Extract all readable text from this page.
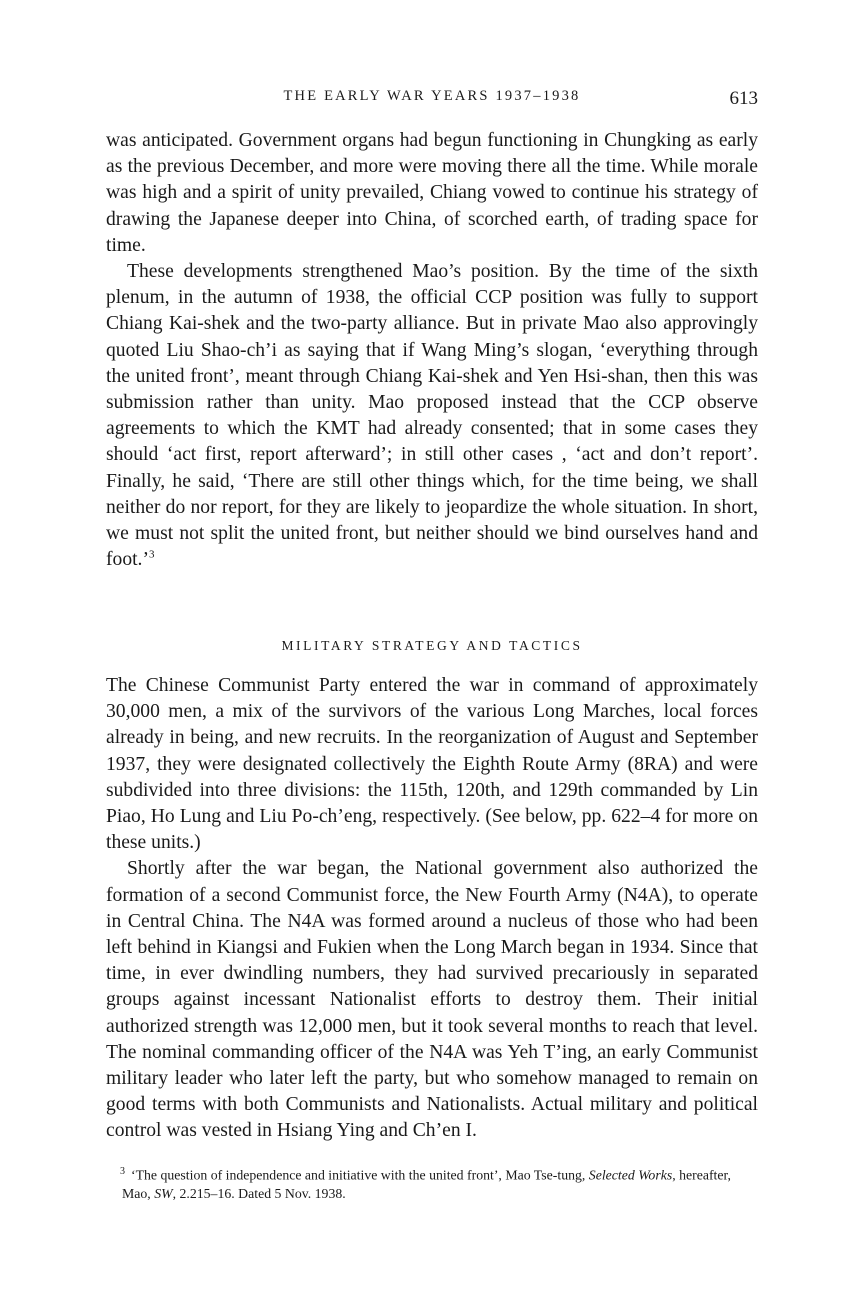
THE EARLY WAR YEARS 1937–1938	613

was anticipated. Government organs had begun functioning in Chungking as early as the previous December, and more were moving there all the time. While morale was high and a spirit of unity prevailed, Chiang vowed to continue his strategy of drawing the Japanese deeper into China, of scorched earth, of trading space for time.

These developments strengthened Mao’s position. By the time of the sixth plenum, in the autumn of 1938, the official CCP position was fully to support Chiang Kai-shek and the two-party alliance. But in private Mao also approvingly quoted Liu Shao-ch’i as saying that if Wang Ming’s slogan, ‘everything through the united front’, meant through Chiang Kai-shek and Yen Hsi-shan, then this was submission rather than unity. Mao proposed instead that the CCP observe agreements to which the KMT had already consented; that in some cases they should ‘act first, report afterward’; in still other cases , ‘act and don’t report’. Finally, he said, ‘There are still other things which, for the time being, we shall neither do nor report, for they are likely to jeopardize the whole situation. In short, we must not split the united front, but neither should we bind ourselves hand and foot.’$^3$

MILITARY STRATEGY AND TACTICS

The Chinese Communist Party entered the war in command of approximately 30,000 men, a mix of the survivors of the various Long Marches, local forces already in being, and new recruits. In the reorganization of August and September 1937, they were designated collectively the Eighth Route Army (8RA) and were subdivided into three divisions: the 115th, 120th, and 129th commanded by Lin Piao, Ho Lung and Liu Po-ch’eng, respectively. (See below, pp. 622–4 for more on these units.)

Shortly after the war began, the National government also authorized the formation of a second Communist force, the New Fourth Army (N4A), to operate in Central China. The N4A was formed around a nucleus of those who had been left behind in Kiangsi and Fukien when the Long March began in 1934. Since that time, in ever dwindling numbers, they had survived precariously in separated groups against incessant Nationalist efforts to destroy them. Their initial authorized strength was 12,000 men, but it took several months to reach that level. The nominal commanding officer of the N4A was Yeh T’ing, an early Communist military leader who later left the party, but who somehow managed to remain on good terms with both Communists and Nationalists. Actual military and political control was vested in Hsiang Ying and Ch’en I.

$^3$ ‘The question of independence and initiative with the united front’, Mao Tse-tung, Selected Works, hereafter, Mao, SW, 2.215–16. Dated 5 Nov. 1938.
